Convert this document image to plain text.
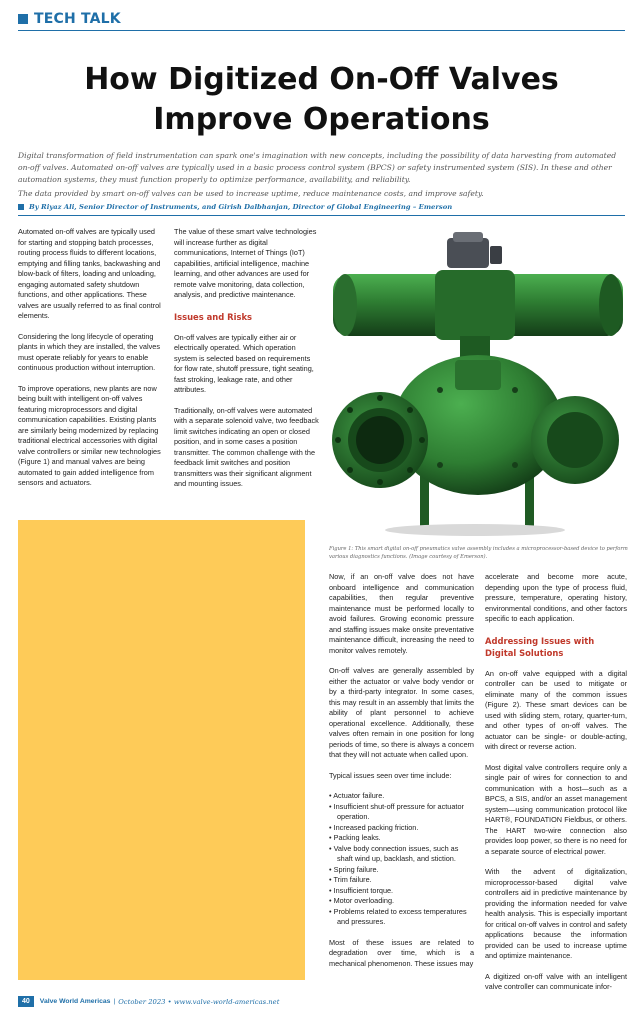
TECH TALK
How Digitized On-Off Valves
Improve Operations

Digital transformation of field instrumentation can spark one's imagination with new concepts, including the possibility of data harvesting from automated on-off valves. Automated on-off valves are typically used in a basic process control system (BPCS) or safety instrumented system (SIS). In these and other automation systems, they must function properly to optimize performance, availability, and reliability.

The data provided by smart on-off valves can be used to increase uptime, reduce maintenance costs, and improve safety.

By Riyaz Ali, Senior Director of Instruments, and Girish Dalbhanjan, Director of Global Engineering – Emerson

Automated on-off valves are typically used for starting and stopping batch processes, routing process fluids to different locations, emptying and filling tanks, backwashing and blow-back of filters, loading and unloading, engaging automated safety shutdown functions, and other applications. These valves are usually referred to as final control elements.

Considering the long lifecycle of operating plants in which they are installed, the valves must operate reliably for years to enable continuous production without interruption.

To improve operations, new plants are now being built with intelligent on-off valves featuring microprocessors and digital communication capabilities. Existing plants are similarly being modernized by replacing traditional electrical accessories with digital valve controllers or similar new technologies (Figure 1) and manual valves are being automated to gain added intelligence from sensors and actuators.

The value of these smart valve technologies will increase further as digital communications, Internet of Things (IoT) capabilities, artificial intelligence, machine learning, and other advances are used for remote valve monitoring, data collection, analysis, and predictive maintenance.

Issues and Risks

On-off valves are typically either air or electrically operated. Which operation system is selected based on requirements for flow rate, shutoff pressure, tight seating, fast stroking, leakage rate, and other attributes.

Traditionally, on-off valves were automated with a separate solenoid valve, two feedback limit switches indicating an open or closed position, and in some cases a position transmitter. The common challenge with the feedback limit switches and position transmitters was their significant alignment and mounting issues.

Figure 1: This smart digital on-off pneumatics valve assembly includes a microprocessor-based device to perform various diagnostics functions. (Image courtesy of Emerson).

Now, if an on-off valve does not have onboard intelligence and communication capabilities, then regular preventive maintenance must be performed locally to avoid failures. Growing economic pressure and staffing issues make onsite preventative maintenance difficult, increasing the need to monitor valves remotely.

On-off valves are generally assembled by either the actuator or valve body vendor or by a third-party integrator. In some cases, this may result in an assembly that limits the ability of plant personnel to achieve operational excellence. Additionally, these valves often remain in one position for long periods of time, so there is always a concern that they will not actuate when called upon.

Typical issues seen over time include:

• Actuator failure.
• Insufficient shut-off pressure for actuator operation.
• Increased packing friction.
• Packing leaks.
• Valve body connection issues, such as shaft wind up, backlash, and stiction.
• Spring failure.
• Trim failure.
• Insufficient torque.
• Motor overloading.
• Problems related to excess temperatures and pressures.

Most of these issues are related to degradation over time, which is a mechanical phenomenon. These issues may

accelerate and become more acute, depending upon the type of process fluid, pressure, temperature, operating history, environmental conditions, and other factors specific to each application.

Addressing Issues with Digital Solutions

An on-off valve equipped with a digital controller can be used to mitigate or eliminate many of the common issues (Figure 2). These smart devices can be used with sliding stem, rotary, quarter-turn, and other types of on-off valves. The actuator can be single- or double-acting, with direct or reverse action.

Most digital valve controllers require only a single pair of wires for connection to and communication with a host—such as a BPCS, a SIS, and/or an asset management system—using communication protocol like HART®, FOUNDATION Fieldbus, or others. The HART two-wire connection also provides loop power, so there is no need for a separate source of electrical power.

With the advent of digitalization, microprocessor-based digital valve controllers aid in predictive maintenance by providing the information needed for valve health analysis. This is especially important for critical on-off valves in control and safety applications because the information provided can be used to increase uptime and optimize maintenance.

A digitized on-off valve with an intelligent valve controller can communicate infor-

40	Valve World Americas | October 2023 • www.valve-world-americas.net
